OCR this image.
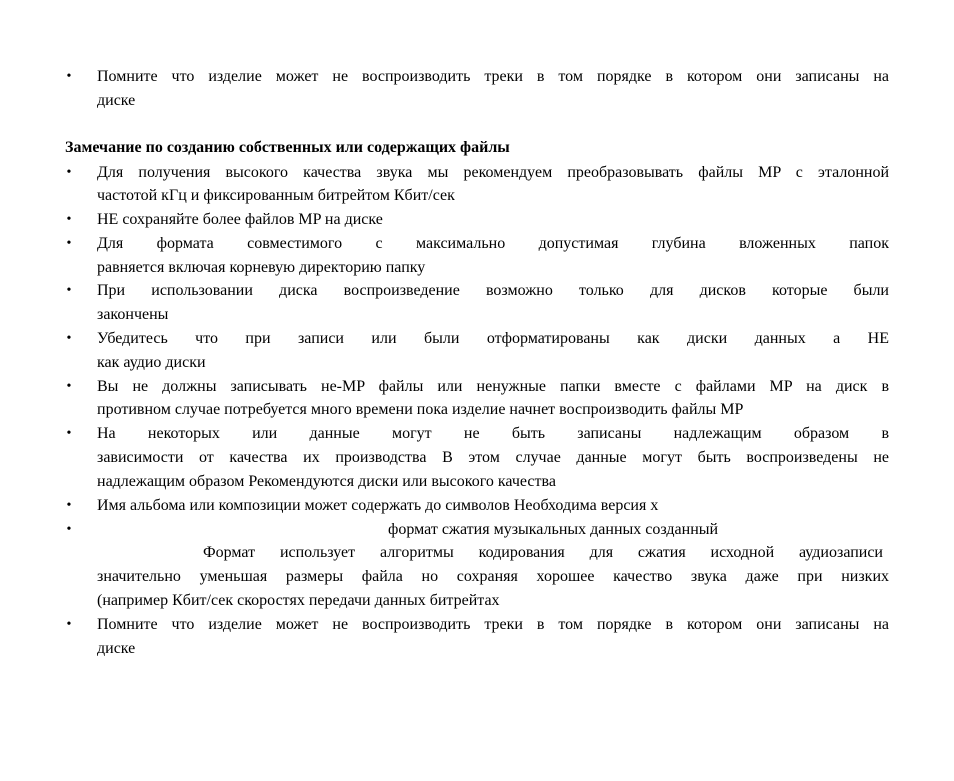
•
•
•
•
•
•
•
•
•
•
•
Помните что изделие может не воспроизводить треки в том порядке в котором они записаны на
диске
Замечание по созданию собственных или содержащих файлы
Для получения высокого качества звука мы рекомендуем преобразовывать файлы MP с эталонной
частотой кГц и фиксированным битрейтом Кбит/сек
НЕ сохраняйте более файлов MP на диске
Для формата совместимого с максимально допустимая глубина вложенных папок
равняется включая корневую директорию папку
При использовании диска воспроизведение возможно только для дисков которые были
закончены
Убедитесь что при записи или были отформатированы как диски данных а НЕ
как аудио диски
Вы не должны записывать не-MP файлы или ненужные папки вместе с файлами MP на диск в
противном случае потребуется много времени пока изделие начнет воспроизводить файлы MP
На некоторых или данные могут не быть записаны надлежащим образом в
зависимости от качества их производства В этом случае данные могут быть воспроизведены не
надлежащим образом Рекомендуются диски или высокого качества
Имя альбома или композиции может содержать до символов Необходима версия х
формат сжатия музыкальных данных созданный
Формат использует алгоритмы кодирования для сжатия исходной аудиозаписи
значительно уменьшая размеры файла но сохраняя хорошее качество звука даже при низких
(например Кбит/сек скоростях передачи данных битрейтах
Помните что изделие может не воспроизводить треки в том порядке в котором они записаны на
диске
